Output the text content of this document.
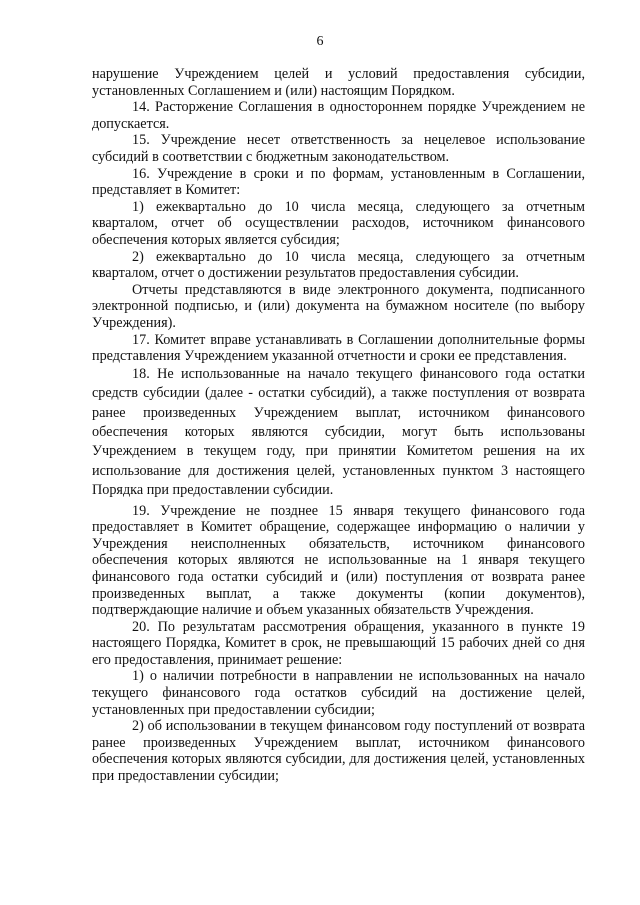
6

нарушение Учреждением целей и условий предоставления субсидии, установленных Соглашением и (или) настоящим Порядком.

14. Расторжение Соглашения в одностороннем порядке Учреждением не допускается.

15. Учреждение несет ответственность за нецелевое использование субсидий в соответствии с бюджетным законодательством.

16. Учреждение в сроки и по формам, установленным в Соглашении, представляет в Комитет:

1) ежеквартально до 10 числа месяца, следующего за отчетным кварталом, отчет об осуществлении расходов, источником финансового обеспечения которых является субсидия;

2) ежеквартально до 10 числа месяца, следующего за отчетным кварталом, отчет о достижении результатов предоставления субсидии.

Отчеты представляются в виде электронного документа, подписанного электронной подписью, и (или) документа на бумажном носителе (по выбору Учреждения).

17. Комитет вправе устанавливать в Соглашении дополнительные формы представления Учреждением указанной отчетности и сроки ее представления.

18. Не использованные на начало текущего финансового года остатки средств субсидии (далее - остатки субсидий), а также поступления от возврата ранее произведенных Учреждением выплат, источником финансового обеспечения которых являются субсидии, могут быть использованы Учреждением в текущем году, при принятии Комитетом решения на их использование для достижения целей, установленных пунктом 3 настоящего Порядка при предоставлении субсидии.

19. Учреждение не позднее 15 января текущего финансового года предоставляет в Комитет обращение, содержащее информацию о наличии у Учреждения неисполненных обязательств, источником финансового обеспечения которых являются не использованные на 1 января текущего финансового года остатки субсидий и (или) поступления от возврата ранее произведенных выплат, а также документы (копии документов), подтверждающие наличие и объем указанных обязательств Учреждения.

20. По результатам рассмотрения обращения, указанного в пункте 19 настоящего Порядка, Комитет в срок, не превышающий 15 рабочих дней со дня его предоставления, принимает решение:

1) о наличии потребности в направлении не использованных на начало текущего финансового года остатков субсидий на достижение целей, установленных при предоставлении субсидии;

2) об использовании в текущем финансовом году поступлений от возврата ранее произведенных Учреждением выплат, источником финансового обеспечения которых являются субсидии, для достижения целей, установленных при предоставлении субсидии;
